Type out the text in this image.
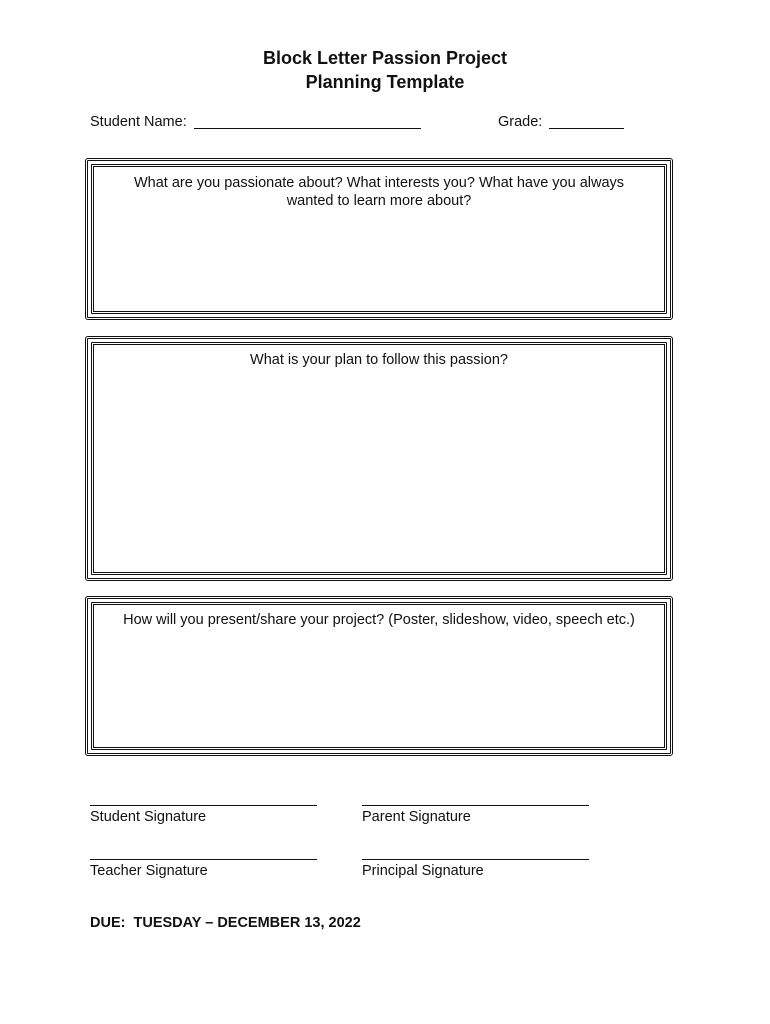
Block Letter Passion Project
Planning Template
Student Name:	Grade:
What are you passionate about? What interests you? What have you always wanted to learn more about?
What is your plan to follow this passion?
How will you present/share your project? (Poster, slideshow, video, speech etc.)
Student Signature	Parent Signature
Teacher Signature	Principal Signature
DUE:  TUESDAY – DECEMBER 13, 2022
